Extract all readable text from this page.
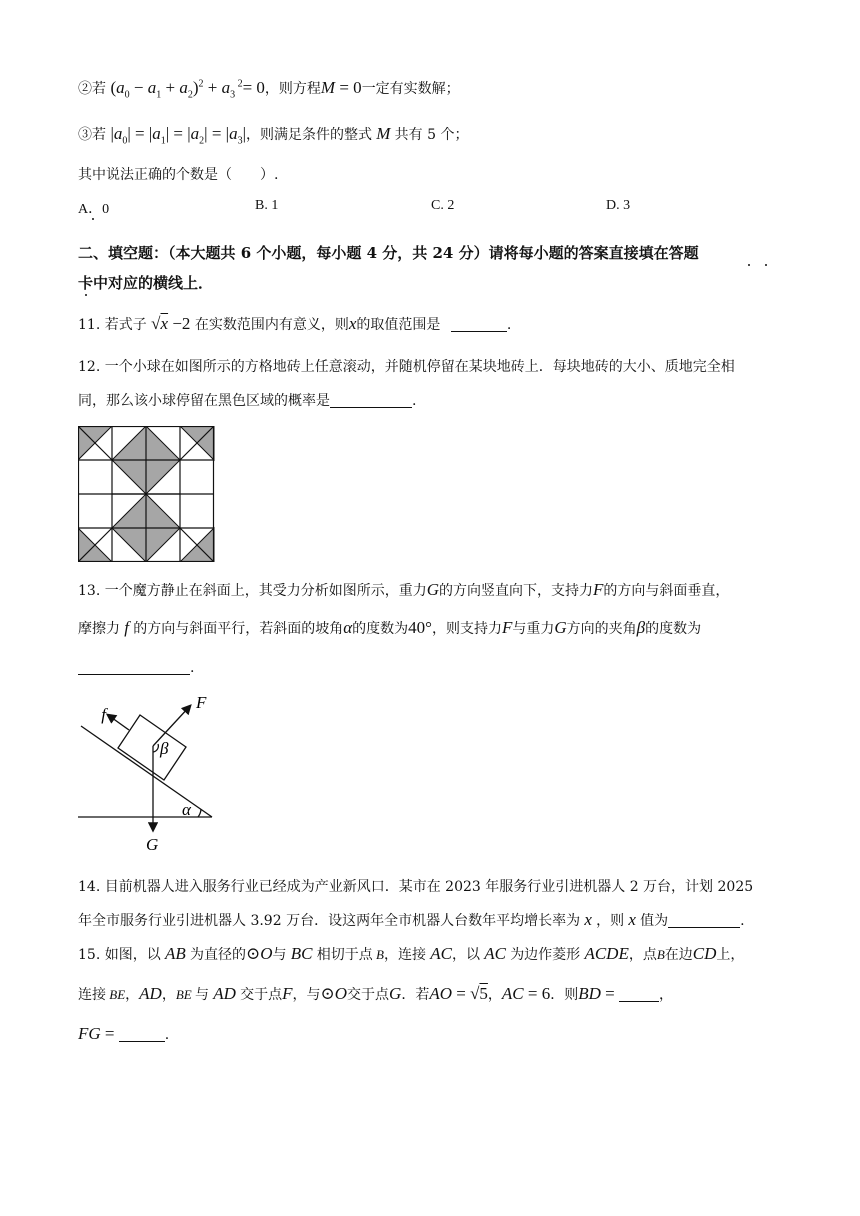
②若 $(a_0 - a_1 + a_2)^2 + a_3$ $^2$= 0，则方程M = 0一定有实数解；
③若 $|a_0| = |a_1| = |a_2| = |a_3|$，则满足条件的整式 M 共有 5 个；
其中说法正确的个数是（　　）.
A．0	B. 1	C. 2	D. 3
二、填空题：（本大题共 6 个小题，每小题 4 分，共 24 分）请将每小题的答案直接填在答题
卡中对应的横线上．
11. 若式子 √x −2 在实数范围内有意义，则x的取值范围是	.
12. 一个小球在如图所示的方格地砖上任意滚动，并随机停留在某块地砖上．每块地砖的大小、质地完全相
同，那么该小球停留在黑色区域的概率是	.
13. 一个魔方静止在斜面上，其受力分析如图所示，重力G的方向竖直向下，支持力F的方向与斜面垂直，
摩擦力 f 的方向与斜面平行，若斜面的坡角α的度数为40°，则支持力F与重力G方向的夹角β的度数为
.
f
F
β
α
G
14. 目前机器人进入服务行业已经成为产业新风口．某市在 2023 年服务行业引进机器人 2 万台，计划 2025
年全市服务行业引进机器人 3.92 万台．设这两年全市机器人台数年平均增长率为 x ，则 x 值为	.
15. 如图，以 AB 为直径的⊙O与 BC 相切于点 B，连接 AC，以 AC 为边作菱形 ACDE，点B在边CD上，
连接 BE，AD，BE 与 AD 交于点F，与⊙O交于点G．若AO = √5，AC = 6．则BD =	，
FG =	.
